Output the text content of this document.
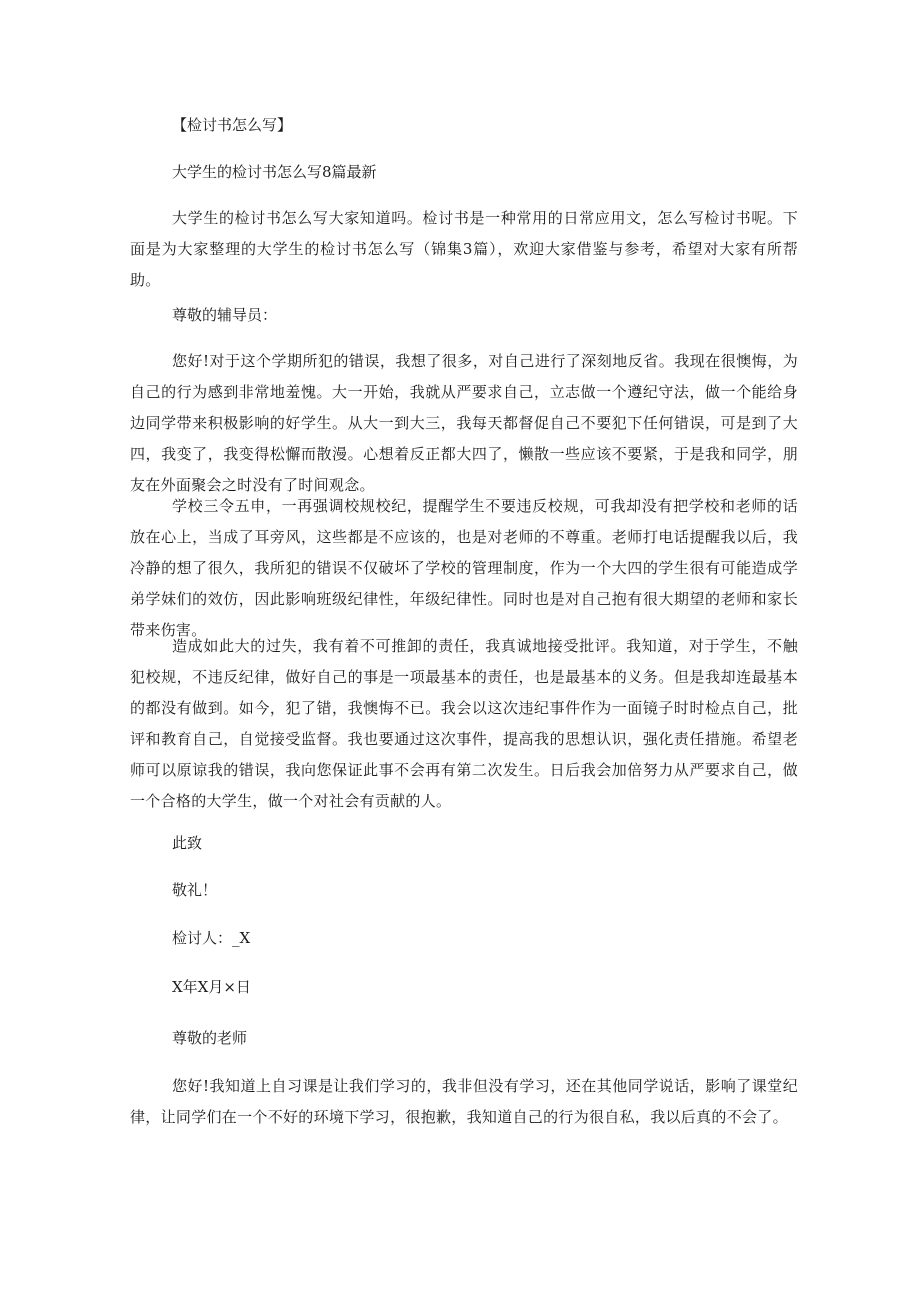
【检讨书怎么写】
大学生的检讨书怎么写8篇最新
大学生的检讨书怎么写大家知道吗。检讨书是一种常用的日常应用文，怎么写检讨书呢。下面是为大家整理的大学生的检讨书怎么写（锦集3篇），欢迎大家借鉴与参考，希望对大家有所帮助。
尊敬的辅导员：
您好!对于这个学期所犯的错误，我想了很多，对自己进行了深刻地反省。我现在很懊悔，为自己的行为感到非常地羞愧。大一开始，我就从严要求自己，立志做一个遵纪守法，做一个能给身边同学带来积极影响的好学生。从大一到大三，我每天都督促自己不要犯下任何错误，可是到了大四，我变了，我变得松懈而散漫。心想着反正都大四了，懒散一些应该不要紧，于是我和同学，朋友在外面聚会之时没有了时间观念。
学校三令五申，一再强调校规校纪，提醒学生不要违反校规，可我却没有把学校和老师的话放在心上，当成了耳旁风，这些都是不应该的，也是对老师的不尊重。老师打电话提醒我以后，我冷静的想了很久，我所犯的错误不仅破坏了学校的管理制度，作为一个大四的学生很有可能造成学弟学妹们的效仿，因此影响班级纪律性，年级纪律性。同时也是对自己抱有很大期望的老师和家长带来伤害。
造成如此大的过失，我有着不可推卸的责任，我真诚地接受批评。我知道，对于学生，不触犯校规，不违反纪律，做好自己的事是一项最基本的责任，也是最基本的义务。但是我却连最基本的都没有做到。如今，犯了错，我懊悔不已。我会以这次违纪事件作为一面镜子时时检点自己，批评和教育自己，自觉接受监督。我也要通过这次事件，提高我的思想认识，强化责任措施。希望老师可以原谅我的错误，我向您保证此事不会再有第二次发生。日后我会加倍努力从严要求自己，做一个合格的大学生，做一个对社会有贡献的人。
此致
敬礼！
检讨人：_X
X年X月×日
尊敬的老师
您好!我知道上自习课是让我们学习的，我非但没有学习，还在其他同学说话，影响了课堂纪律，让同学们在一个不好的环境下学习，很抱歉，我知道自己的行为很自私，我以后真的不会了。
